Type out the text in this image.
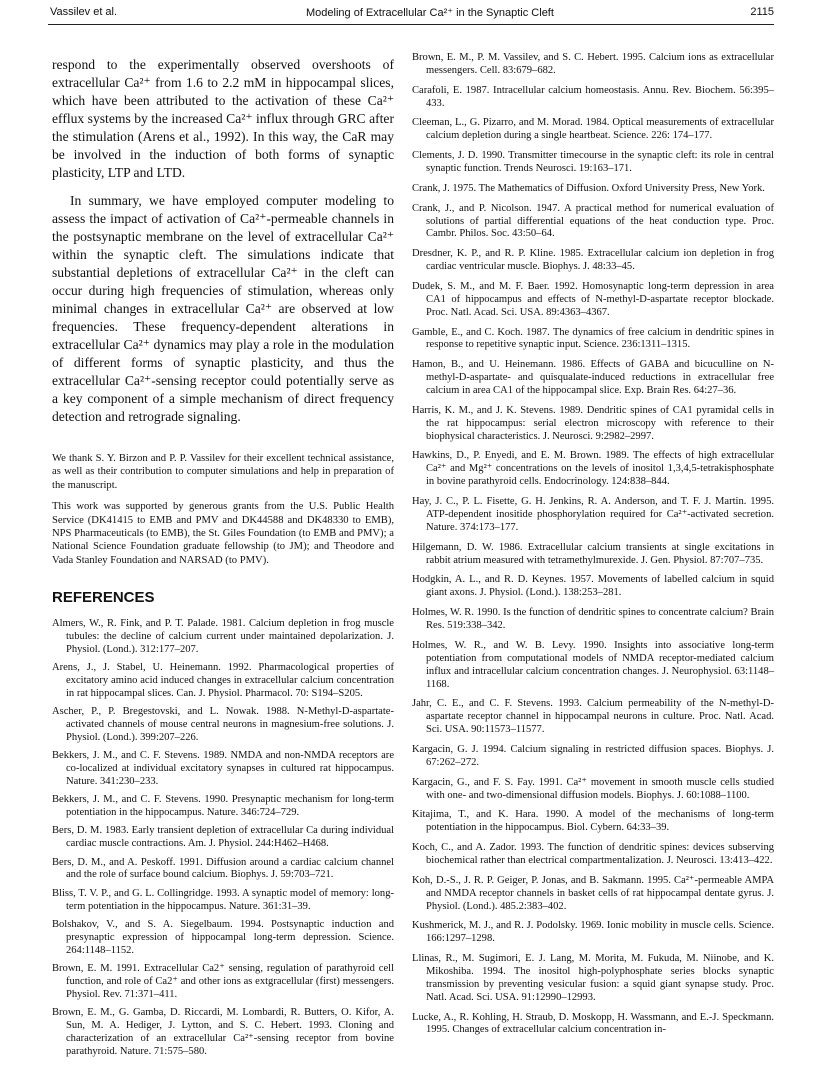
Vassilev et al.	Modeling of Extracellular Ca²⁺ in the Synaptic Cleft	2115

respond to the experimentally observed overshoots of extracellular Ca²⁺ from 1.6 to 2.2 mM in hippocampal slices, which have been attributed to the activation of these Ca²⁺ efflux systems by the increased Ca²⁺ influx through GRC after the stimulation (Arens et al., 1992). In this way, the CaR may be involved in the induction of both forms of synaptic plasticity, LTP and LTD.

In summary, we have employed computer modeling to assess the impact of activation of Ca²⁺-permeable channels in the postsynaptic membrane on the level of extracellular Ca²⁺ within the synaptic cleft. The simulations indicate that substantial depletions of extracellular Ca²⁺ in the cleft can occur during high frequencies of stimulation, whereas only minimal changes in extracellular Ca²⁺ are observed at low frequencies. These frequency-dependent alterations in extracellular Ca²⁺ dynamics may play a role in the modulation of different forms of synaptic plasticity, and thus the extracellular Ca²⁺-sensing receptor could potentially serve as a key component of a simple mechanism of direct frequency detection and retrograde signaling.

We thank S. Y. Birzon and P. P. Vassilev for their excellent technical assistance, as well as their contribution to computer simulations and help in preparation of the manuscript.

This work was supported by generous grants from the U.S. Public Health Service (DK41415 to EMB and PMV and DK44588 and DK48330 to EMB), NPS Pharmaceuticals (to EMB), the St. Giles Foundation (to EMB and PMV); a National Science Foundation graduate fellowship (to JM); and Theodore and Vada Stanley Foundation and NARSAD (to PMV).

REFERENCES

Almers, W., R. Fink, and P. T. Palade. 1981. Calcium depletion in frog muscle tubules: the decline of calcium current under maintained depolarization. J. Physiol. (Lond.). 312:177–207.

Arens, J., J. Stabel, U. Heinemann. 1992. Pharmacological properties of excitatory amino acid induced changes in extracellular calcium concentration in rat hippocampal slices. Can. J. Physiol. Pharmacol. 70: S194–S205.

Ascher, P., P. Bregestovski, and L. Nowak. 1988. N-Methyl-D-aspartate-activated channels of mouse central neurons in magnesium-free solutions. J. Physiol. (Lond.). 399:207–226.

Bekkers, J. M., and C. F. Stevens. 1989. NMDA and non-NMDA receptors are co-localized at individual excitatory synapses in cultured rat hippocampus. Nature. 341:230–233.

Bekkers, J. M., and C. F. Stevens. 1990. Presynaptic mechanism for long-term potentiation in the hippocampus. Nature. 346:724–729.

Bers, D. M. 1983. Early transient depletion of extracellular Ca during individual cardiac muscle contractions. Am. J. Physiol. 244:H462–H468.

Bers, D. M., and A. Peskoff. 1991. Diffusion around a cardiac calcium channel and the role of surface bound calcium. Biophys. J. 59:703–721.

Bliss, T. V. P., and G. L. Collingridge. 1993. A synaptic model of memory: long-term potentiation in the hippocampus. Nature. 361:31–39.

Bolshakov, V., and S. A. Siegelbaum. 1994. Postsynaptic induction and presynaptic expression of hippocampal long-term depression. Science. 264:1148–1152.

Brown, E. M. 1991. Extracellular Ca2⁺ sensing, regulation of parathyroid cell function, and role of Ca2⁺ and other ions as extgracellular (first) messengers. Physiol. Rev. 71:371–411.

Brown, E. M., G. Gamba, D. Riccardi, M. Lombardi, R. Butters, O. Kifor, A. Sun, M. A. Hediger, J. Lytton, and S. C. Hebert. 1993. Cloning and characterization of an extracellular Ca²⁺-sensing receptor from bovine parathyroid. Nature. 71:575–580.

Brown, E. M., P. M. Vassilev, and S. C. Hebert. 1995. Calcium ions as extracellular messengers. Cell. 83:679–682.

Carafoli, E. 1987. Intracellular calcium homeostasis. Annu. Rev. Biochem. 56:395–433.

Cleeman, L., G. Pizarro, and M. Morad. 1984. Optical measurements of extracellular calcium depletion during a single heartbeat. Science. 226: 174–177.

Clements, J. D. 1990. Transmitter timecourse in the synaptic cleft: its role in central synaptic function. Trends Neurosci. 19:163–171.

Crank, J. 1975. The Mathematics of Diffusion. Oxford University Press, New York.

Crank, J., and P. Nicolson. 1947. A practical method for numerical evaluation of solutions of partial differential equations of the heat conduction type. Proc. Cambr. Philos. Soc. 43:50–64.

Dresdner, K. P., and R. P. Kline. 1985. Extracellular calcium ion depletion in frog cardiac ventricular muscle. Biophys. J. 48:33–45.

Dudek, S. M., and M. F. Baer. 1992. Homosynaptic long-term depression in area CA1 of hippocampus and effects of N-methyl-D-aspartate receptor blockade. Proc. Natl. Acad. Sci. USA. 89:4363–4367.

Gamble, E., and C. Koch. 1987. The dynamics of free calcium in dendritic spines in response to repetitive synaptic input. Science. 236:1311–1315.

Hamon, B., and U. Heinemann. 1986. Effects of GABA and bicuculline on N-methyl-D-aspartate- and quisqualate-induced reductions in extracellular free calcium in area CA1 of the hippocampal slice. Exp. Brain Res. 64:27–36.

Harris, K. M., and J. K. Stevens. 1989. Dendritic spines of CA1 pyramidal cells in the rat hippocampus: serial electron microscopy with reference to their biophysical characteristics. J. Neurosci. 9:2982–2997.

Hawkins, D., P. Enyedi, and E. M. Brown. 1989. The effects of high extracellular Ca²⁺ and Mg²⁺ concentrations on the levels of inositol 1,3,4,5-tetrakisphosphate in bovine parathyroid cells. Endocrinology. 124:838–844.

Hay, J. C., P. L. Fisette, G. H. Jenkins, R. A. Anderson, and T. F. J. Martin. 1995. ATP-dependent inositide phosphorylation required for Ca²⁺-activated secretion. Nature. 374:173–177.

Hilgemann, D. W. 1986. Extracellular calcium transients at single excitations in rabbit atrium measured with tetramethylmurexide. J. Gen. Physiol. 87:707–735.

Hodgkin, A. L., and R. D. Keynes. 1957. Movements of labelled calcium in squid giant axons. J. Physiol. (Lond.). 138:253–281.

Holmes, W. R. 1990. Is the function of dendritic spines to concentrate calcium? Brain Res. 519:338–342.

Holmes, W. R., and W. B. Levy. 1990. Insights into associative long-term potentiation from computational models of NMDA receptor-mediated calcium influx and intracellular calcium concentration changes. J. Neurophysiol. 63:1148–1168.

Jahr, C. E., and C. F. Stevens. 1993. Calcium permeability of the N-methyl-D-aspartate receptor channel in hippocampal neurons in culture. Proc. Natl. Acad. Sci. USA. 90:11573–11577.

Kargacin, G. J. 1994. Calcium signaling in restricted diffusion spaces. Biophys. J. 67:262–272.

Kargacin, G., and F. S. Fay. 1991. Ca²⁺ movement in smooth muscle cells studied with one- and two-dimensional diffusion models. Biophys. J. 60:1088–1100.

Kitajima, T., and K. Hara. 1990. A model of the mechanisms of long-term potentiation in the hippocampus. Biol. Cybern. 64:33–39.

Koch, C., and A. Zador. 1993. The function of dendritic spines: devices subserving biochemical rather than electrical compartmentalization. J. Neurosci. 13:413–422.

Koh, D.-S., J. R. P. Geiger, P. Jonas, and B. Sakmann. 1995. Ca²⁺-permeable AMPA and NMDA receptor channels in basket cells of rat hippocampal dentate gyrus. J. Physiol. (Lond.). 485.2:383–402.

Kushmerick, M. J., and R. J. Podolsky. 1969. Ionic mobility in muscle cells. Science. 166:1297–1298.

Llinas, R., M. Sugimori, E. J. Lang, M. Morita, M. Fukuda, M. Niinobe, and K. Mikoshiba. 1994. The inositol high-polyphosphate series blocks synaptic transmission by preventing vesicular fusion: a squid giant synapse study. Proc. Natl. Acad. Sci. USA. 91:12990–12993.

Lucke, A., R. Kohling, H. Straub, D. Moskopp, H. Wassmann, and E.-J. Speckmann. 1995. Changes of extracellular calcium concentration in-
